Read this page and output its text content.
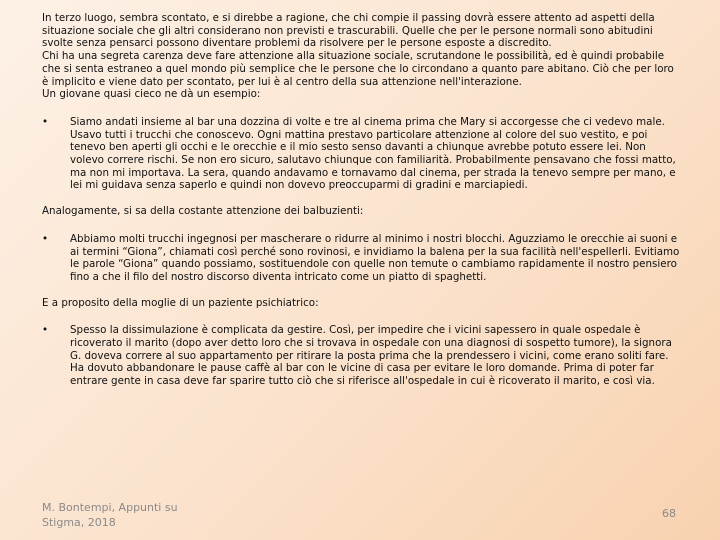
In terzo luogo, sembra scontato, e si direbbe a ragione, che chi compie il passing dovrà essere attento ad aspetti della situazione sociale che gli altri considerano non previsti e trascurabili. Quelle che per le persone normali sono abitudini svolte senza pensarci possono diventare problemi da risolvere per le persone esposte a discredito.

Chi ha una segreta carenza deve fare attenzione alla situazione sociale, scrutandone le possibilità, ed è quindi probabile che si senta estraneo a quel mondo più semplice che le persone che lo circondano a quanto pare abitano. Ciò che per loro è implicito e viene dato per scontato, per lui è al centro della sua attenzione nell'interazione.

Un giovane quasi cieco ne dà un esempio:

• Siamo andati insieme al bar una dozzina di volte e tre al cinema prima che Mary si accorgesse che ci vedevo male. Usavo tutti i trucchi che conoscevo. Ogni mattina prestavo particolare attenzione al colore del suo vestito, e poi tenevo ben aperti gli occhi e le orecchie e il mio sesto senso davanti a chiunque avrebbe potuto essere lei. Non volevo correre rischi. Se non ero sicuro, salutavo chiunque con familiarità. Probabilmente pensavano che fossi matto, ma non mi importava. La sera, quando andavamo e tornavamo dal cinema, per strada la tenevo sempre per mano, e lei mi guidava senza saperlo e quindi non dovevo preoccuparmi di gradini e marciapiedi.

Analogamente, si sa della costante attenzione dei balbuzienti:

• Abbiamo molti trucchi ingegnosi per mascherare o ridurre al minimo i nostri blocchi. Aguzziamo le orecchie ai suoni e ai termini “Giona”, chiamati così perché sono rovinosi, e invidiamo la balena per la sua facilità nell'espellerli. Evitiamo le parole “Giona” quando possiamo, sostituendole con quelle non temute o cambiamo rapidamente il nostro pensiero fino a che il filo del nostro discorso diventa intricato come un piatto di spaghetti.

E a proposito della moglie di un paziente psichiatrico:

• Spesso la dissimulazione è complicata da gestire. Così, per impedire che i vicini sapessero in quale ospedale è ricoverato il marito (dopo aver detto loro che si trovava in ospedale con una diagnosi di sospetto tumore), la signora G. doveva correre al suo appartamento per ritirare la posta prima che la prendessero i vicini, come erano soliti fare. Ha dovuto abbandonare le pause caffè al bar con le vicine di casa per evitare le loro domande. Prima di poter far entrare gente in casa deve far sparire tutto ciò che si riferisce all'ospedale in cui è ricoverato il marito, e così via.

M. Bontempi, Appunti su
Stigma, 2018
68
